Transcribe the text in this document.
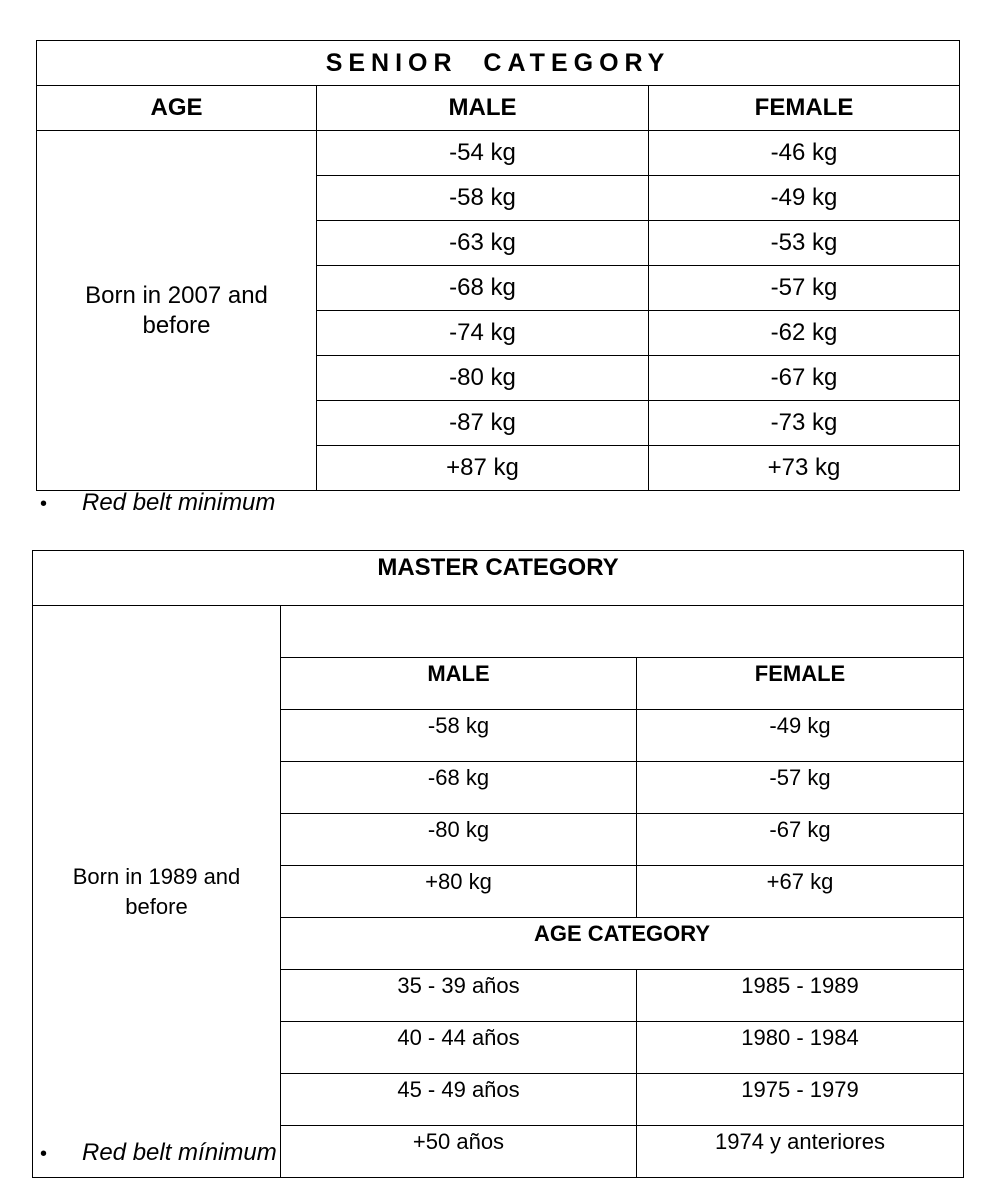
SENIOR  CATEGORY		
AGE	MALE	FEMALE
Born in 2007 and before	-54 kg	-46 kg
	-58 kg	-49 kg
	-63 kg	-53 kg
	-68 kg	-57 kg
	-74 kg	-62 kg
	-80 kg	-67 kg
	-87 kg	-73 kg
	+87 kg	+73 kg
• Red belt minimum
MASTER CATEGORY		
Born in 1989 and before		
	MALE	FEMALE
	-58 kg	-49 kg
	-68 kg	-57 kg
	-80 kg	-67 kg
	+80 kg	+67 kg
	AGE CATEGORY	
	35 - 39 años	1985 - 1989
	40 - 44 años	1980 - 1984
	45 - 49 años	1975 - 1979
	+50 años	1974 y anteriores
• Red belt mínimum
